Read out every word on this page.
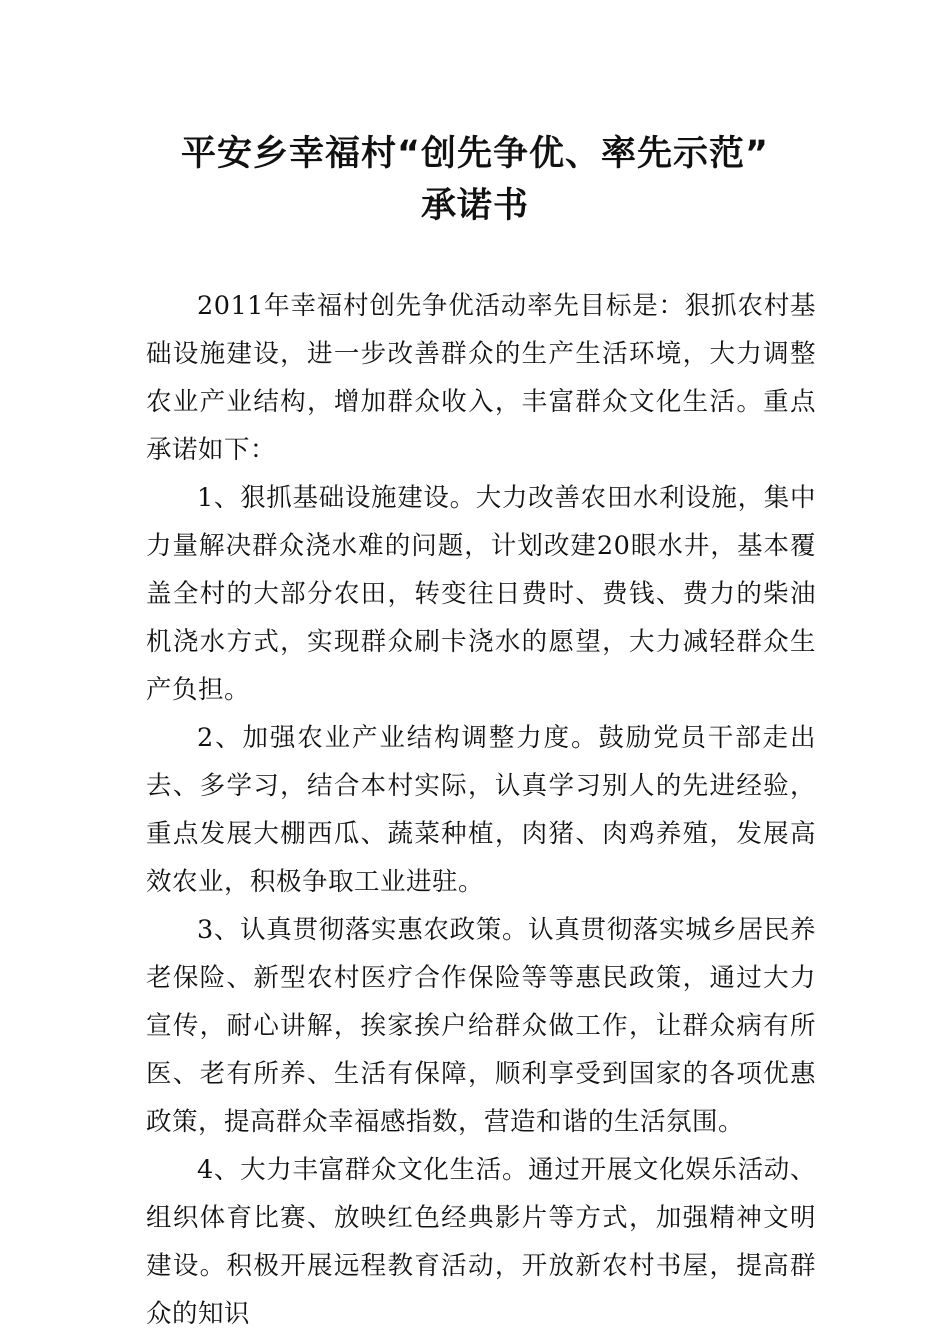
平安乡幸福村“创先争优、率先示范”
承诺书

2011年幸福村创先争优活动率先目标是：狠抓农村基础设施建设，进一步改善群众的生产生活环境，大力调整农业产业结构，增加群众收入，丰富群众文化生活。重点承诺如下：

1、狠抓基础设施建设。大力改善农田水利设施，集中力量解决群众浇水难的问题，计划改建20眼水井，基本覆盖全村的大部分农田，转变往日费时、费钱、费力的柴油机浇水方式，实现群众刷卡浇水的愿望，大力减轻群众生产负担。

2、加强农业产业结构调整力度。鼓励党员干部走出去、多学习，结合本村实际，认真学习别人的先进经验，重点发展大棚西瓜、蔬菜种植，肉猪、肉鸡养殖，发展高效农业，积极争取工业进驻。

3、认真贯彻落实惠农政策。认真贯彻落实城乡居民养老保险、新型农村医疗合作保险等等惠民政策，通过大力宣传，耐心讲解，挨家挨户给群众做工作，让群众病有所医、老有所养、生活有保障，顺利享受到国家的各项优惠政策，提高群众幸福感指数，营造和谐的生活氛围。

4、大力丰富群众文化生活。通过开展文化娱乐活动、组织体育比赛、放映红色经典影片等方式，加强精神文明建设。积极开展远程教育活动，开放新农村书屋，提高群众的知识
